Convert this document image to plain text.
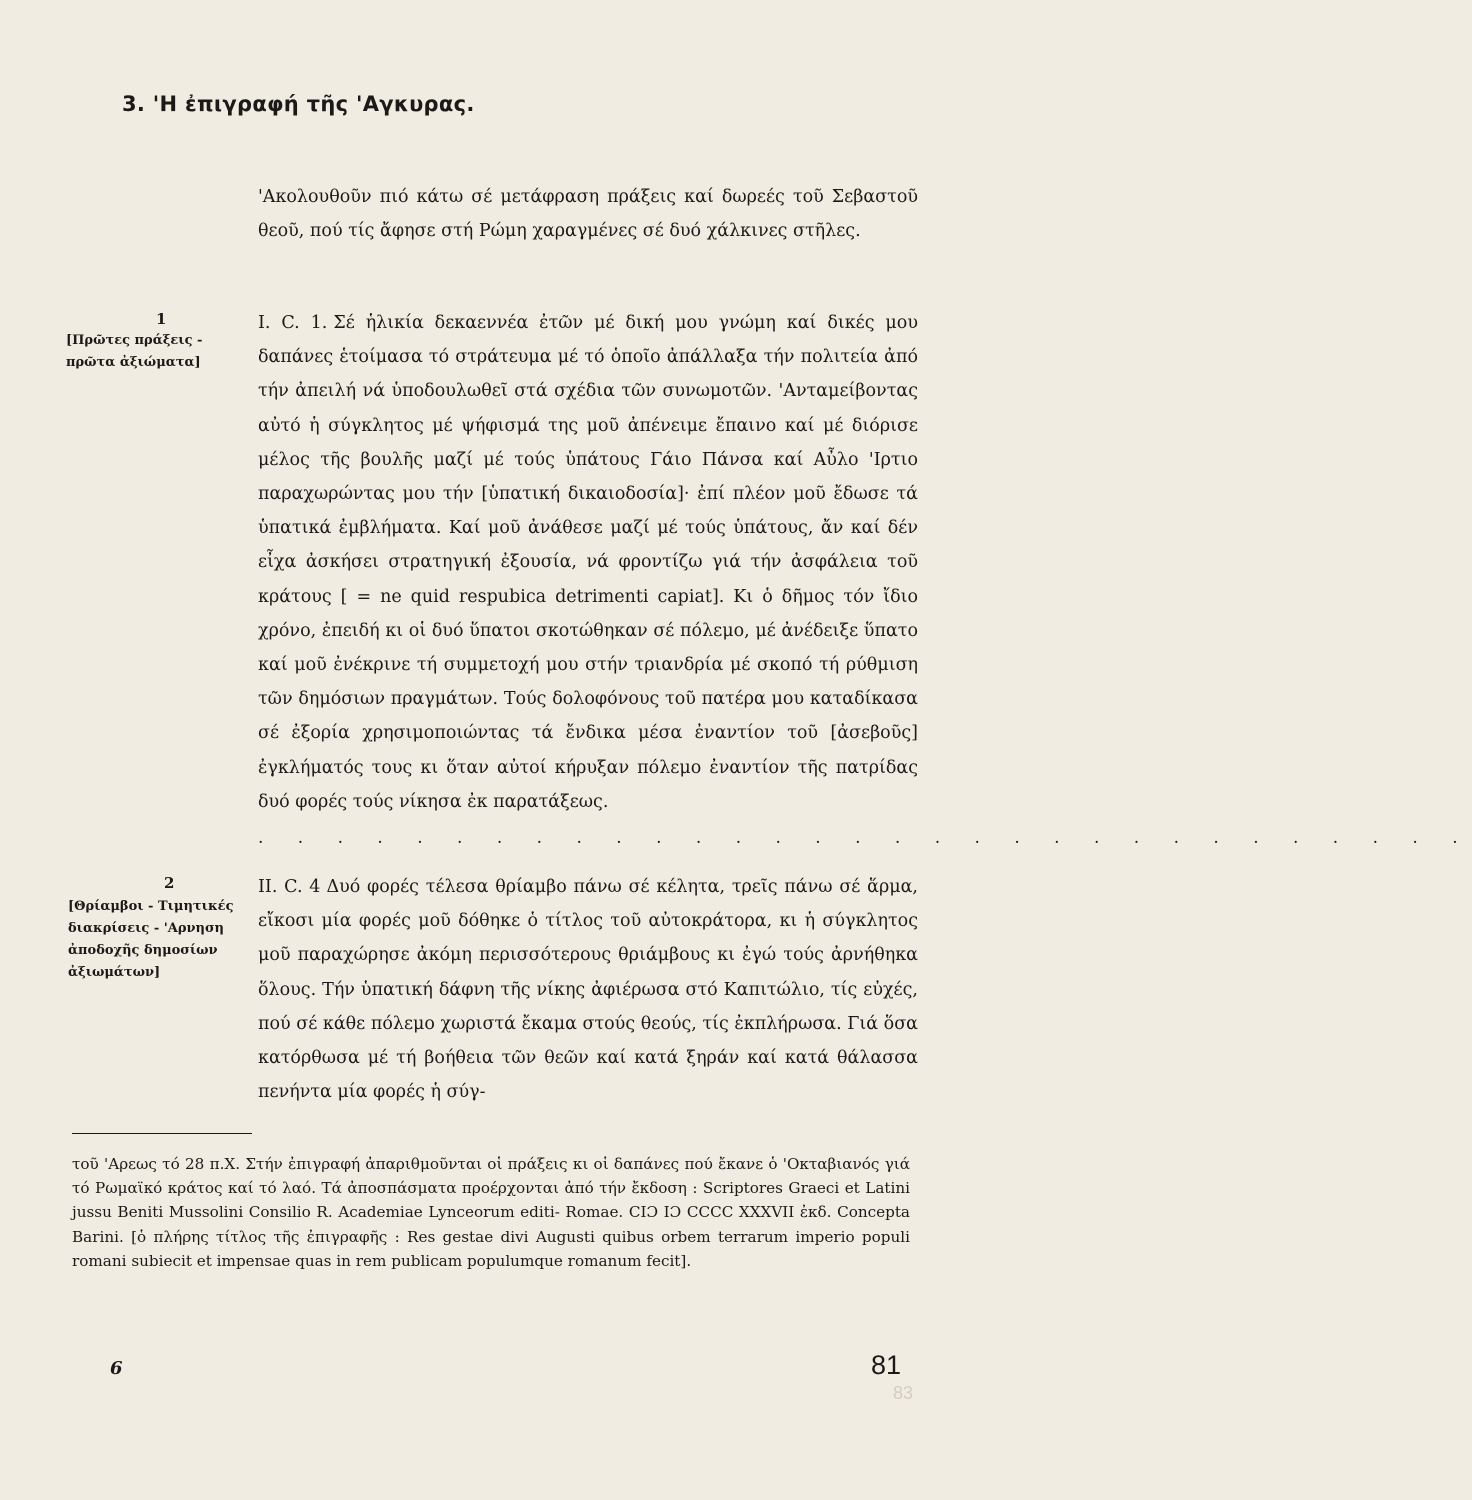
3. 'Η ἐπιγραφή τῆς 'Αγκυρας.
'Ακολουθοῦν πιό κάτω σέ μετάφραση πράξεις καί δωρεές τοῦ Σεβαστοῦ θεοῦ, πού τίς ἄφησε στή Ρώμη χαραγμένες σέ δυό χάλκινες στῆλες.
1
[Πρῶτες πράξεις - πρῶτα ἀξιώματα]
I. C. 1. Σέ ἡλικία δεκαεννέα ἐτῶν μέ δική μου γνώμη καί δικές μου δαπάνες ἑτοίμασα τό στράτευμα μέ τό ὁποῖο ἀπάλλαξα τήν πολιτεία ἀπό τήν ἀπειλή νά ὑποδουλωθεῖ στά σχέδια τῶν συνωμοτῶν. 'Ανταμείβοντας αὐτό ἡ σύγκλητος μέ ψήφισμά της μοῦ ἀπένειμε ἔπαινο καί μέ διόρισε μέλος τῆς βουλῆς μαζί μέ τούς ὑπάτους Γάιο Πάνσα καί Αὖλο 'Ιρτιο παραχωρώντας μου τήν [ὑπατική δικαιοδοσία]· ἐπί πλέον μοῦ ἔδωσε τά ὑπατικά ἐμβλήματα. Καί μοῦ ἀνάθεσε μαζί μέ τούς ὑπάτους, ἄν καί δέν εἶχα ἀσκήσει στρατηγική ἐξουσία, νά φροντίζω γιά τήν ἀσφάλεια τοῦ κράτους [ = ne quid respubica detrimenti capiat]. Κι ὁ δῆμος τόν ἴδιο χρόνο, ἐπειδή κι οἱ δυό ὕπατοι σκοτώθηκαν σέ πόλεμο, μέ ἀνέδειξε ὕπατο καί μοῦ ἐνέκρινε τή συμμετοχή μου στήν τριανδρία μέ σκοπό τή ρύθμιση τῶν δημόσιων πραγμάτων. Τούς δολοφόνους τοῦ πατέρα μου καταδίκασα σέ ἐξορία χρησιμοποιώντας τά ἔνδικα μέσα ἐναντίον τοῦ [ἀσεβοῦς] ἐγκλήματός τους κι ὅταν αὐτοί κήρυξαν πόλεμο ἐναντίον τῆς πατρίδας δυό φορές τούς νίκησα ἐκ παρατάξεως.
. . . . . . . . . . . . . . . . . . . . . . . . . . . . . . .
2
[Θρίαμβοι - Τιμητικές διακρίσεις - 'Αρνηση ἀποδοχῆς δημοσίων ἀξιωμάτων]
II. C. 4 Δυό φορές τέλεσα θρίαμβο πάνω σέ κέλητα, τρεῖς πάνω σέ ἅρμα, εἴκοσι μία φορές μοῦ δόθηκε ὁ τίτλος τοῦ αὐτοκράτορα, κι ἡ σύγκλητος μοῦ παραχώρησε ἀκόμη περισσότερους θριάμβους κι ἐγώ τούς ἀρνήθηκα ὅλους. Τήν ὑπατική δάφνη τῆς νίκης ἀφιέρωσα στό Καπιτώλιο, τίς εὐχές, πού σέ κάθε πόλεμο χωριστά ἔκαμα στούς θεούς, τίς ἐκπλήρωσα. Γιά ὅσα κατόρθωσα μέ τή βοήθεια τῶν θεῶν καί κατά ξηράν καί κατά θάλασσα πενήντα μία φορές ἡ σύγ-
τοῦ 'Αρεως τό 28 π.Χ. Στήν ἐπιγραφή ἀπαριθμοῦνται οἱ πράξεις κι οἱ δαπάνες πού ἔκανε ὁ 'Οκταβιανός γιά τό Ρωμαϊκό κράτος καί τό λαό. Τά ἀποσπάσματα προέρχονται ἀπό τήν ἔκδοση : Scriptores Graeci et Latini jussu Beniti Mussolini Consilio R. Academiae Lynceorum editi- Romae. CIƆ IƆ CCCC XXXVII ἐκδ. Concepta Barini. [ὁ πλήρης τίτλος τῆς ἐπιγραφῆς : Res gestae divi Augusti quibus orbem terrarum imperio populi romani subiecit et impensae quas in rem publicam populumque romanum fecit].
6	81
83
